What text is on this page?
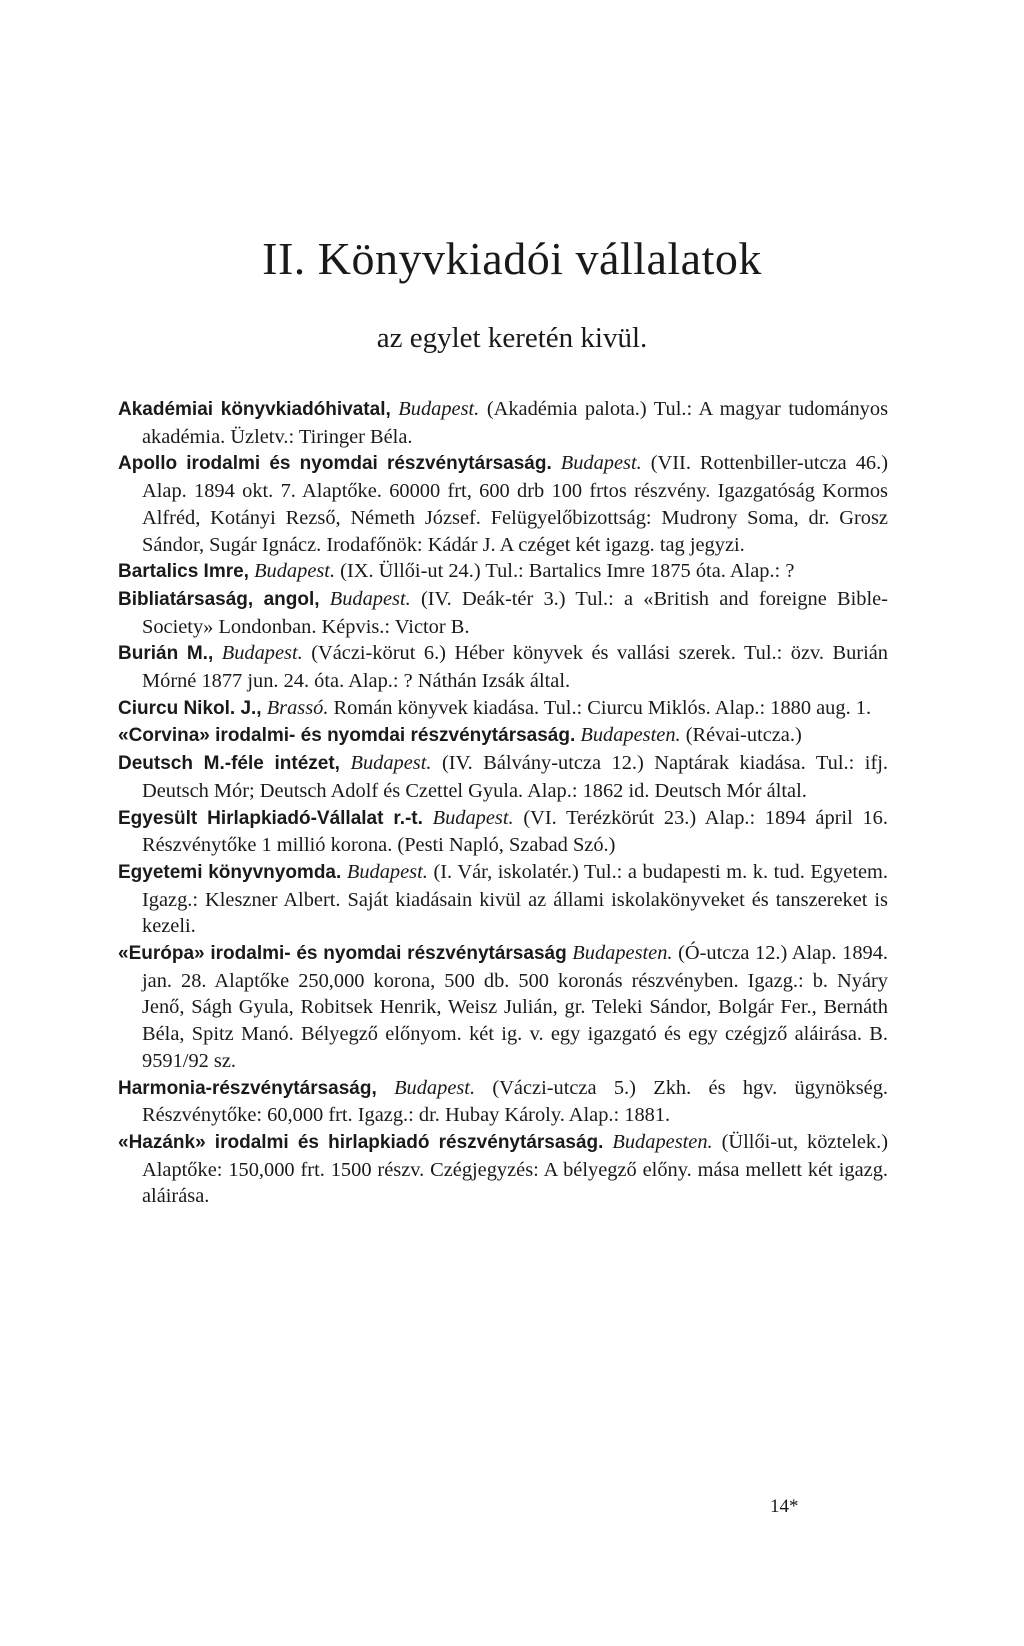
II. Könyvkiadói vállalatok
az egylet keretén kivül.

Akadémiai könyvkiadóhivatal, Budapest. (Akadémia palota.) Tul.: A magyar tudományos akadémia. Üzletv.: Tiringer Béla.

Apollo irodalmi és nyomdai részvénytársaság. Budapest. (VII. Rottenbiller-utcza 46.) Alap. 1894 okt. 7. Alaptőke. 60000 frt, 600 drb 100 frtos részvény. Igazgatóság Kormos Alfréd, Kotányi Rezső, Németh József. Felügyelőbizottság: Mudrony Soma, dr. Grosz Sándor, Sugár Ignácz. Irodafőnök: Kádár J. A czéget két igazg. tag jegyzi.

Bartalics Imre, Budapest. (IX. Üllői-ut 24.) Tul.: Bartalics Imre 1875 óta. Alap.: ?

Bibliatársaság, angol, Budapest. (IV. Deák-tér 3.) Tul.: a «British and foreigne Bible-Society» Londonban. Képvis.: Victor B.

Burián M., Budapest. (Váczi-körut 6.) Héber könyvek és vallási szerek. Tul.: özv. Burián Mórné 1877 jun. 24. óta. Alap.: ? Náthán Izsák által.

Ciurcu Nikol. J., Brassó. Román könyvek kiadása. Tul.: Ciurcu Miklós. Alap.: 1880 aug. 1.

«Corvina» irodalmi- és nyomdai részvénytársaság. Budapesten. (Révai-utcza.)

Deutsch M.-féle intézet, Budapest. (IV. Bálvány-utcza 12.) Naptárak kiadása. Tul.: ifj. Deutsch Mór; Deutsch Adolf és Czettel Gyula. Alap.: 1862 id. Deutsch Mór által.

Egyesült Hirlapkiadó-Vállalat r.-t. Budapest. (VI. Terézkörút 23.) Alap.: 1894 ápril 16. Részvénytőke 1 millió korona. (Pesti Napló, Szabad Szó.)

Egyetemi könyvnyomda. Budapest. (I. Vár, iskolatér.) Tul.: a budapesti m. k. tud. Egyetem. Igazg.: Kleszner Albert. Saját kiadásain kivül az állami iskolakönyveket és tanszereket is kezeli.

«Európa» irodalmi- és nyomdai részvénytársaság Budapesten. (Ó-utcza 12.) Alap. 1894. jan. 28. Alaptőke 250,000 korona, 500 db. 500 koronás részvényben. Igazg.: b. Nyáry Jenő, Ságh Gyula, Robitsek Henrik, Weisz Julián, gr. Teleki Sándor, Bolgár Fer., Bernáth Béla, Spitz Manó. Bélyegző előnyom. két ig. v. egy igazgató és egy czégjző aláirása. B. 9591/92 sz.

Harmonia-részvénytársaság, Budapest. (Váczi-utcza 5.) Zkh. és hgv. ügynökség. Részvénytőke: 60,000 frt. Igazg.: dr. Hubay Károly. Alap.: 1881.

«Hazánk» irodalmi és hirlapkiadó részvénytársaság. Budapesten. (Üllői-ut, köztelek.) Alaptőke: 150,000 frt. 1500 részv. Czégjegyzés: A bélyegző előny. mása mellett két igazg. aláirása.

14*
